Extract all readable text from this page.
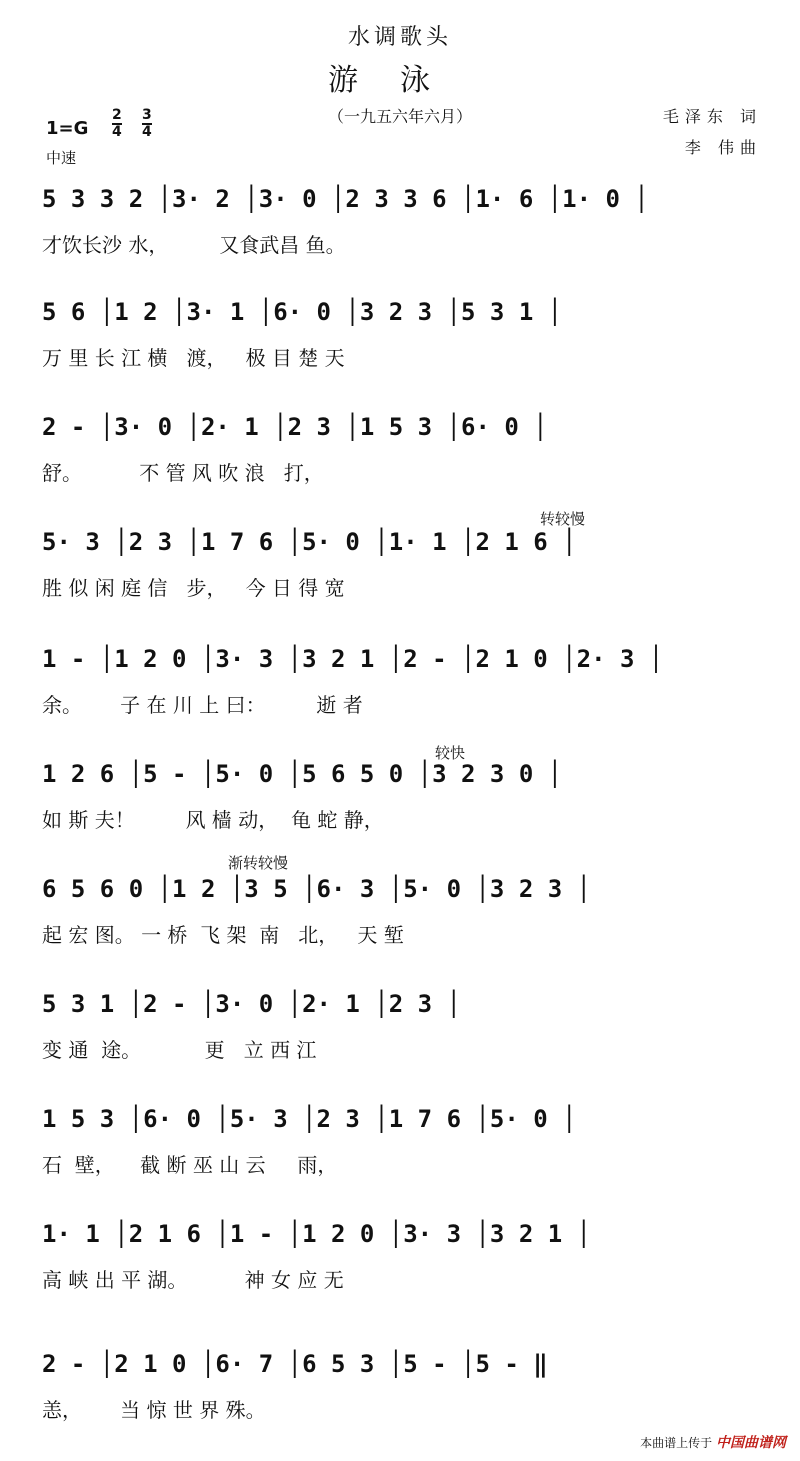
水调歌头
游泳
（一九五六年六月）	毛泽东 词
李 伟曲
1=G
2
4
3
4
中速
5 3 3 2 │3· 2 │3· 0 │2 3 3 6 │1· 6 │1· 0 │
才饮长沙 水，        又食武昌 鱼。
5 6 │1 2 │3· 1 │6· 0 │3 2 3 │5 3 1 │
万 里 长 江 横   渡，   极 目 楚 天
2 - │3· 0 │2· 1 │2 3 │1 5 3 │6· 0 │
舒。         不 管 风 吹 浪   打，
5· 3 │2 3 │1 7 6 │5· 0 │1· 1 │2 1 6 │
胜 似 闲 庭 信   步，   今 日 得 宽
1 - │1 2 0 │3· 3 │3 2 1 │2 - │2 1 0 │2· 3 │
余。      子 在 川 上 曰：        逝 者
1 2 6 │5 - │5· 0 │5 6 5 0 │3 2 3 0 │
如 斯 夫！        风 樯 动，  龟 蛇 静，
6 5 6 0 │1 2 │3 5 │6· 3 │5· 0 │3 2 3 │
起 宏 图。 一 桥  飞 架  南   北，   天 堑
5 3 1 │2 - │3· 0 │2· 1 │2 3 │
变 通  途。          更   立 西 江
1 5 3 │6· 0 │5· 3 │2 3 │1 7 6 │5· 0 │
石  壁，    截 断 巫 山 云     雨，
1· 1 │2 1 6 │1 - │1 2 0 │3· 3 │3 2 1 │
高 峡 出 平 湖。         神 女 应 无
2 - │2 1 0 │6· 7 │6 5 3 │5 - │5 - ‖
恙，      当 惊 世 界 殊。
转较慢
较快
渐转较慢
本曲谱上传于 中国曲谱网
